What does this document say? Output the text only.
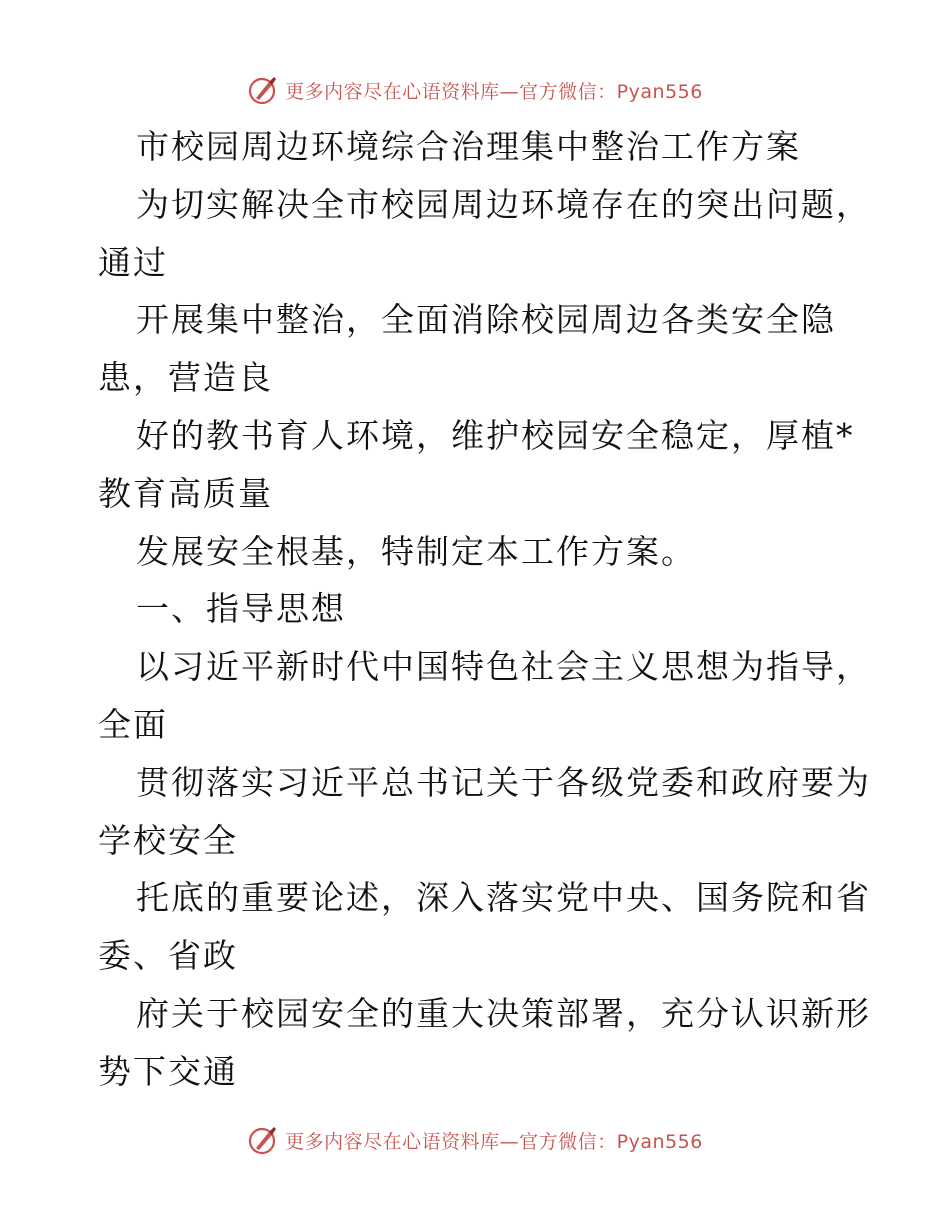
更多内容尽在心语资料库—官方微信：Pyan556
市校园周边环境综合治理集中整治工作方案
为切实解决全市校园周边环境存在的突出问题，
通过
开展集中整治，全面消除校园周边各类安全隐
患，营造良
好的教书育人环境，维护校园安全稳定，厚植*
教育高质量
发展安全根基，特制定本工作方案。
一、指导思想
以习近平新时代中国特色社会主义思想为指导，
全面
贯彻落实习近平总书记关于各级党委和政府要为
学校安全
托底的重要论述，深入落实党中央、国务院和省
委、省政
府关于校园安全的重大决策部署，充分认识新形
势下交通
更多内容尽在心语资料库—官方微信：Pyan556
